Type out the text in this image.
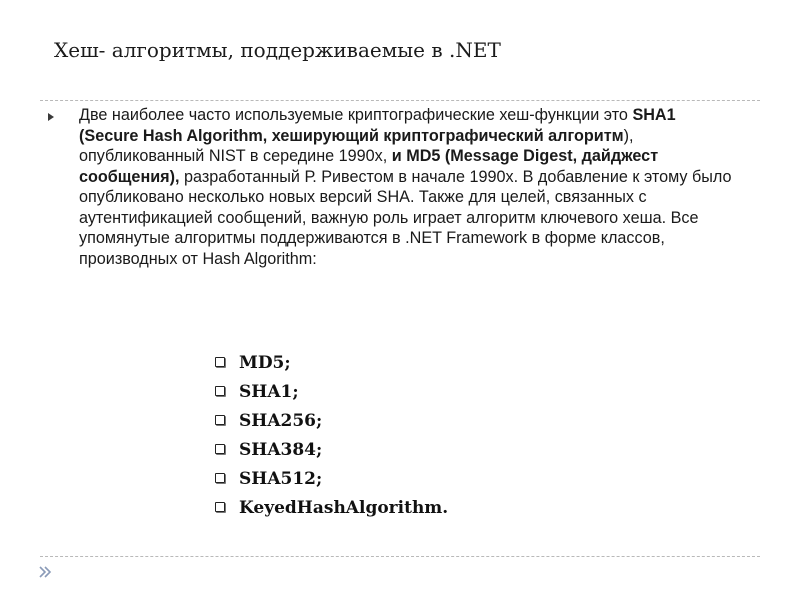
Хеш- алгоритмы, поддерживаемые в .NET

Две наиболее часто используемые криптографические хеш-функции это SHA1 (Secure Hash Algorithm, хеширующий криптографический алгоритм), опубликованный NIST в середине 1990х, и MD5 (Message Digest, дайджест сообщения), разработанный Р. Ривестом в начале 1990х. В добавление к этому было опубликовано несколько новых версий SHA. Также для целей, связанных с аутентификацией сообщений, важную роль играет алгоритм ключевого хеша. Все упомянутые алгоритмы поддерживаются в .NET Framework в форме классов, производных от Hash Algorithm:

MD5;
SHA1;
SHA256;
SHA384;
SHA512;
KeyedHashAlgorithm.
